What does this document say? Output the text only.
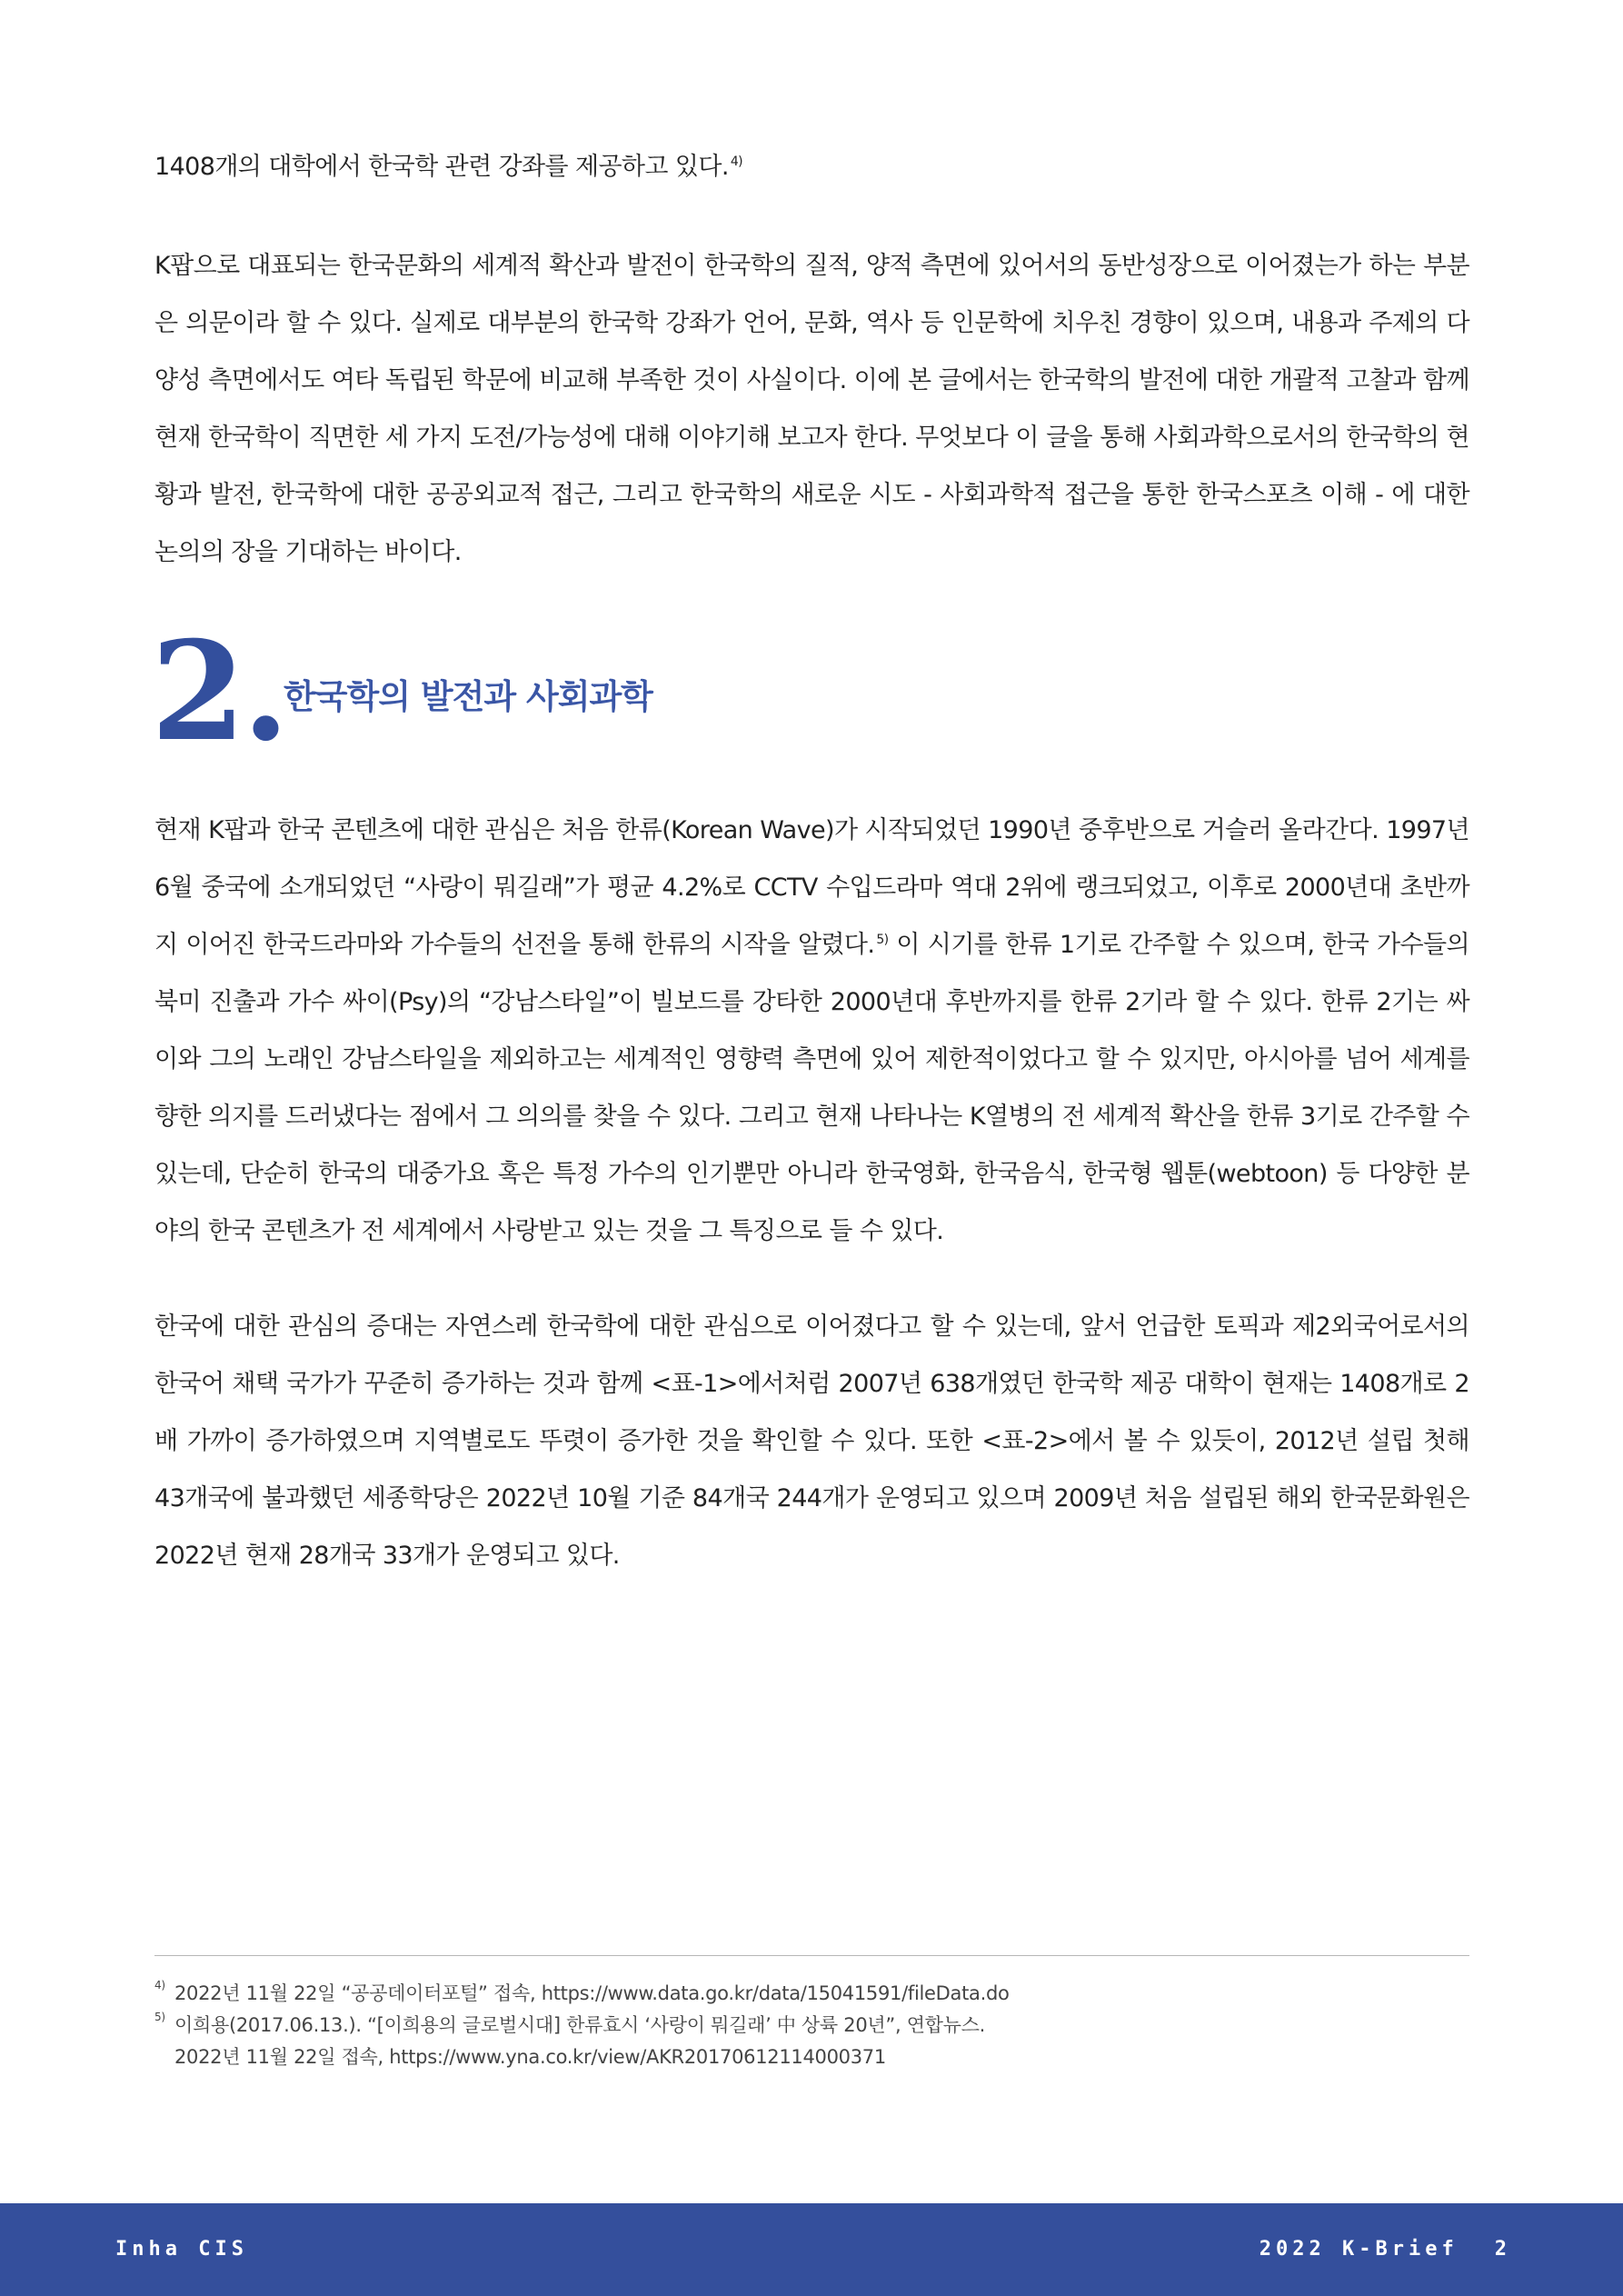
1408개의 대학에서 한국학 관련 강좌를 제공하고 있다. $^{4)}$

K팝으로 대표되는 한국문화의 세계적 확산과 발전이 한국학의 질적, 양적 측면에 있어서의 동반성장으로 이어졌는가 하는 부분은 의문이라 할 수 있다. 실제로 대부분의 한국학 강좌가 언어, 문화, 역사 등 인문학에 치우친 경향이 있으며, 내용과 주제의 다양성 측면에서도 여타 독립된 학문에 비교해 부족한 것이 사실이다. 이에 본 글에서는 한국학의 발전에 대한 개괄적 고찰과 함께 현재 한국학이 직면한 세 가지 도전/가능성에 대해 이야기해 보고자 한다. 무엇보다 이 글을 통해 사회과학으로서의 한국학의 현황과 발전, 한국학에 대한 공공외교적 접근, 그리고 한국학의 새로운 시도 - 사회과학적 접근을 통한 한국스포츠 이해 - 에 대한 논의의 장을 기대하는 바이다.

2.
한국학의 발전과 사회과학

현재 K팝과 한국 콘텐츠에 대한 관심은 처음 한류(Korean Wave)가 시작되었던 1990년 중후반으로 거슬러 올라간다. 1997년 6월 중국에 소개되었던 “사랑이 뭐길래”가 평균 4.2%로 CCTV 수입드라마 역대 2위에 랭크되었고, 이후로 2000년대 초반까지 이어진 한국드라마와 가수들의 선전을 통해 한류의 시작을 알렸다. $^{5)}$ 이 시기를 한류 1기로 간주할 수 있으며, 한국 가수들의 북미 진출과 가수 싸이(Psy)의 “강남스타일”이 빌보드를 강타한 2000년대 후반까지를 한류 2기라 할 수 있다. 한류 2기는 싸이와 그의 노래인 강남스타일을 제외하고는 세계적인 영향력 측면에 있어 제한적이었다고 할 수 있지만, 아시아를 넘어 세계를 향한 의지를 드러냈다는 점에서 그 의의를 찾을 수 있다. 그리고 현재 나타나는 K열병의 전 세계적 확산을 한류 3기로 간주할 수 있는데, 단순히 한국의 대중가요 혹은 특정 가수의 인기뿐만 아니라 한국영화, 한국음식, 한국형 웹툰(webtoon) 등 다양한 분야의 한국 콘텐츠가 전 세계에서 사랑받고 있는 것을 그 특징으로 들 수 있다.

한국에 대한 관심의 증대는 자연스레 한국학에 대한 관심으로 이어졌다고 할 수 있는데, 앞서 언급한 토픽과 제2외국어로서의 한국어 채택 국가가 꾸준히 증가하는 것과 함께 <표-1>에서처럼 2007년 638개였던 한국학 제공 대학이 현재는 1408개로 2배 가까이 증가하였으며 지역별로도 뚜렷이 증가한 것을 확인할 수 있다. 또한 <표-2>에서 볼 수 있듯이, 2012년 설립 첫해 43개국에 불과했던 세종학당은 2022년 10월 기준 84개국 244개가 운영되고 있으며 2009년 처음 설립된 해외 한국문화원은 2022년 현재 28개국 33개가 운영되고 있다.

4) 2022년 11월 22일 “공공데이터포털” 접속, https://www.data.go.kr/data/15041591/fileData.do

5) 이희용(2017.06.13.). “[이희용의 글로벌시대] 한류효시 ‘사랑이 뭐길래’ 中 상륙 20년”, 연합뉴스.
2022년 11월 22일 접속, https://www.yna.co.kr/view/AKR20170612114000371

Inha CIS	2022 K-Brief 2
